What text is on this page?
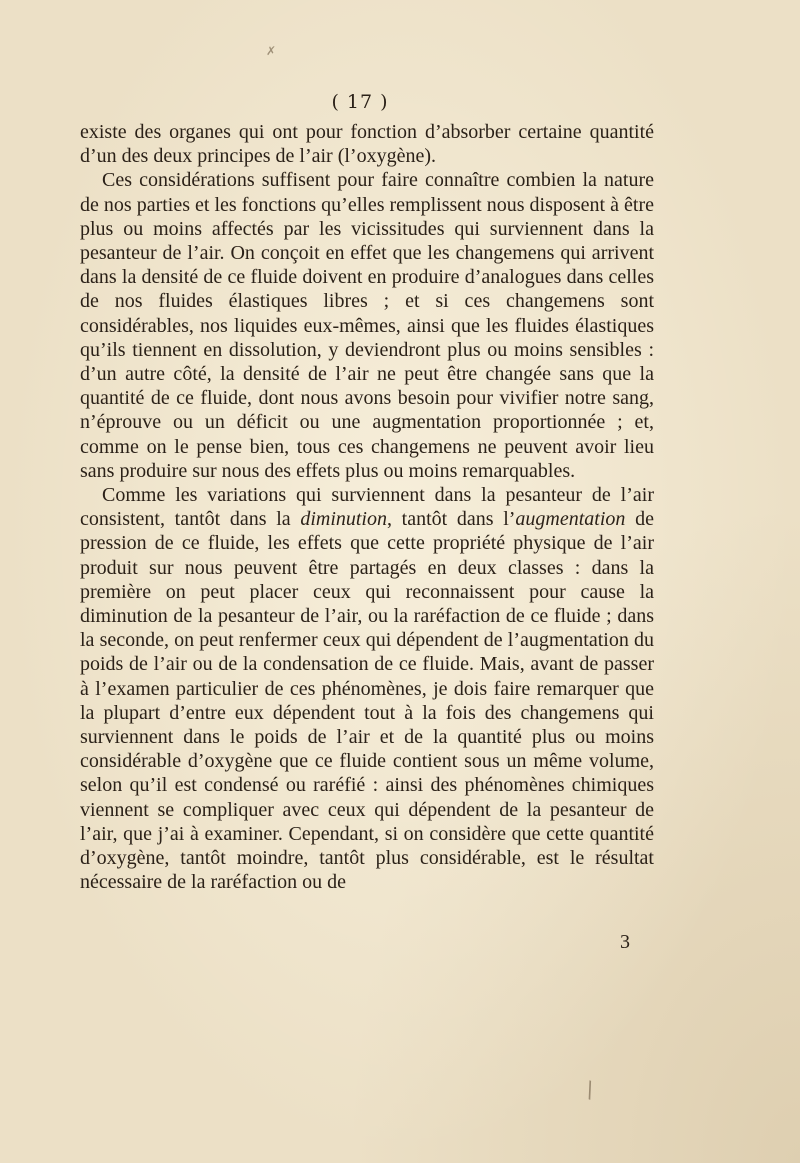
( 17 )

existe des organes qui ont pour fonction d’absorber certaine quantité d’un des deux principes de l’air (l’oxygène).

Ces considérations suffisent pour faire connaître combien la nature de nos parties et les fonctions qu’elles remplissent nous disposent à être plus ou moins affectés par les vicissitudes qui surviennent dans la pesanteur de l’air. On conçoit en effet que les changemens qui arrivent dans la densité de ce fluide doivent en produire d’analogues dans celles de nos fluides élastiques libres ; et si ces changemens sont considérables, nos liquides eux-mêmes, ainsi que les fluides élastiques qu’ils tiennent en dissolution, y deviendront plus ou moins sensibles : d’un autre côté, la densité de l’air ne peut être changée sans que la quantité de ce fluide, dont nous avons besoin pour vivifier notre sang, n’éprouve ou un déficit ou une augmentation proportionnée ; et, comme on le pense bien, tous ces changemens ne peuvent avoir lieu sans produire sur nous des effets plus ou moins remarquables.

Comme les variations qui surviennent dans la pesanteur de l’air consistent, tantôt dans la diminution, tantôt dans l’augmentation de pression de ce fluide, les effets que cette propriété physique de l’air produit sur nous peuvent être partagés en deux classes : dans la première on peut placer ceux qui reconnaissent pour cause la diminution de la pesanteur de l’air, ou la raréfaction de ce fluide ; dans la seconde, on peut renfermer ceux qui dépendent de l’augmentation du poids de l’air ou de la condensation de ce fluide. Mais, avant de passer à l’examen particulier de ces phénomènes, je dois faire remarquer que la plupart d’entre eux dépendent tout à la fois des changemens qui surviennent dans le poids de l’air et de la quantité plus ou moins considérable d’oxygène que ce fluide contient sous un même volume, selon qu’il est condensé ou raréfié : ainsi des phénomènes chimiques viennent se compliquer avec ceux qui dépendent de la pesanteur de l’air, que j’ai à examiner. Cependant, si on considère que cette quantité d’oxygène, tantôt moindre, tantôt plus considérable, est le résultat nécessaire de la raréfaction ou de

3
✗
\
